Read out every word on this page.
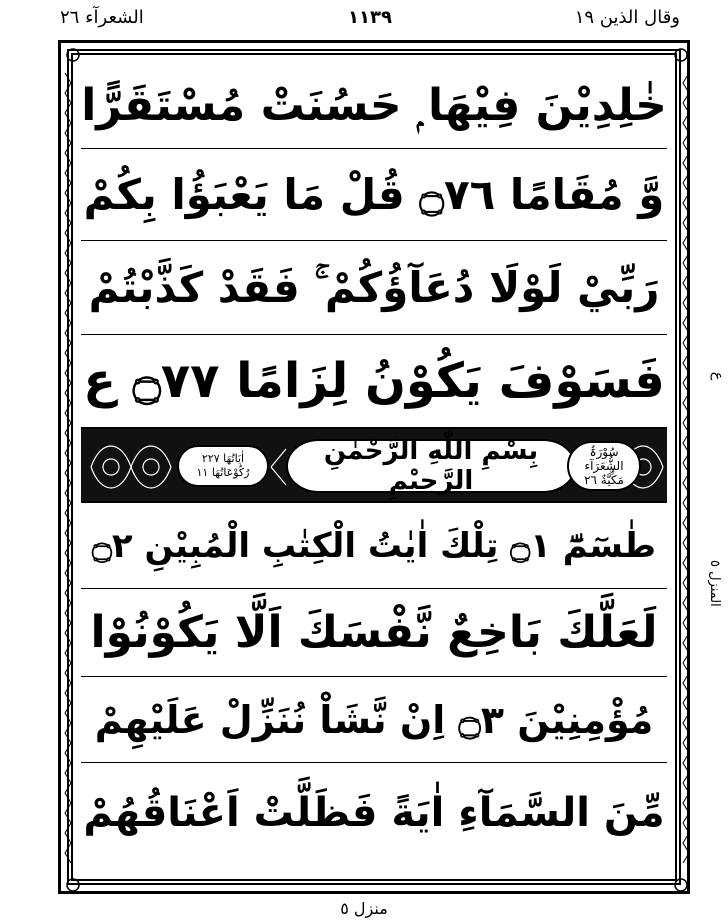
الشعرآء ٢٦	١١٣٩	وقال الذين ١٩
خٰلِدِيْنَ فِيْهَا ۭ حَسُنَتْ مُسْتَقَرًّا
وَّ مُقَامًا ۝٧٦ قُلْ مَا يَعْبَؤُا بِكُمْ
رَبِّيْ لَوْلَا دُعَآؤُكُمْ ۚ فَقَدْ كَذَّبْتُمْ
فَسَوْفَ يَكُوْنُ لِزَامًا ۝٧٧ ع
اٰيَاتُهَا ٢٢٧
رُكُوْعَاتُهَا ١١
بِسْمِ اللّٰهِ الرَّحْمٰنِ الرَّحِيْمِ
سُوْرَۃُ
الشُّعَرَآء
مَكِّيَّةٌ ٢٦
طٰسٓمّٓ ۝١ تِلْكَ اٰيٰتُ الْكِتٰبِ الْمُبِيْنِ ۝٢
لَعَلَّكَ بَاخِعٌ نَّفْسَكَ اَلَّا يَكُوْنُوْا
مُؤْمِنِيْنَ ۝٣ اِنْ نَّشَاْ نُنَزِّلْ عَلَيْهِمْ
مِّنَ السَّمَآءِ اٰيَةً فَظَلَّتْ اَعْنَاقُهُمْ
ع
المنزل ٥
منزل ٥
